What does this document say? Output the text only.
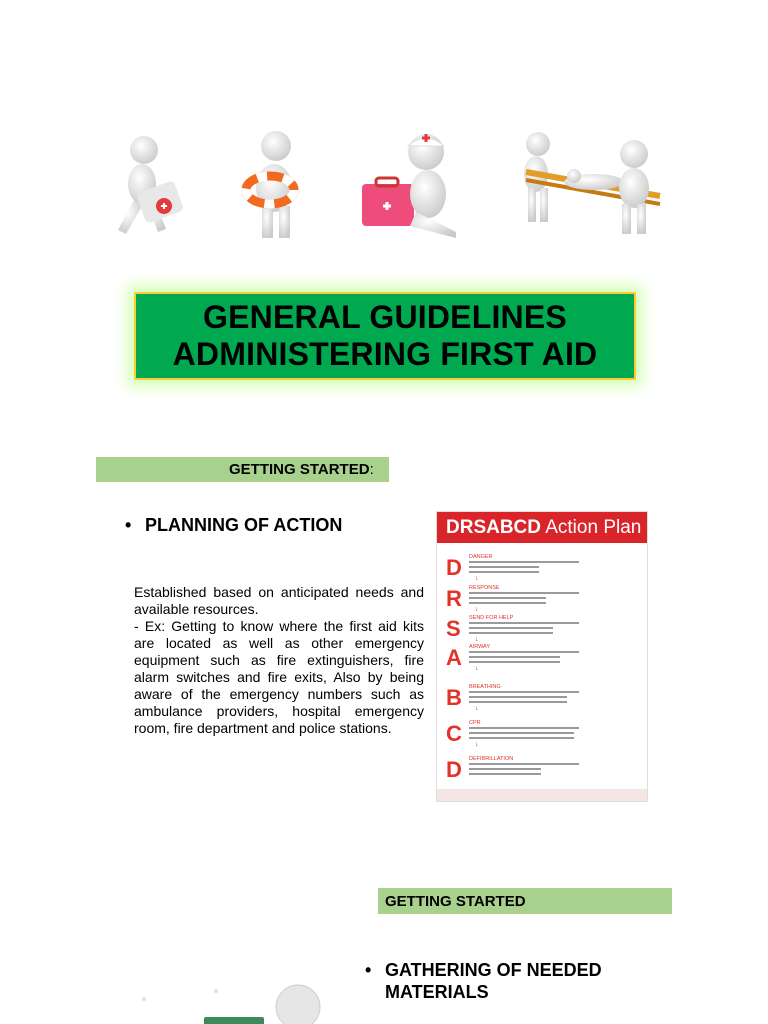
GENERAL GUIDELINES
ADMINISTERING FIRST AID
GETTING STARTED :
• PLANNING OF ACTION
Established based on anticipated needs and available resources.
- Ex: Getting to know where the first aid kits are located as well as other emergency equipment such as fire extinguishers, fire alarm switches and fire exits, Also by being aware of the emergency numbers such as ambulance providers, hospital emergency room, fire department and police stations.
DRSABCD Action Plan
D DANGER
↓
R RESPONSE
↓
S SEND FOR HELP
↓
A AIRWAY
↓
B BREATHING
↓
C CPR
↓
D DEFIBRILLATION
GETTING STARTED
• GATHERING OF NEEDED MATERIALS
